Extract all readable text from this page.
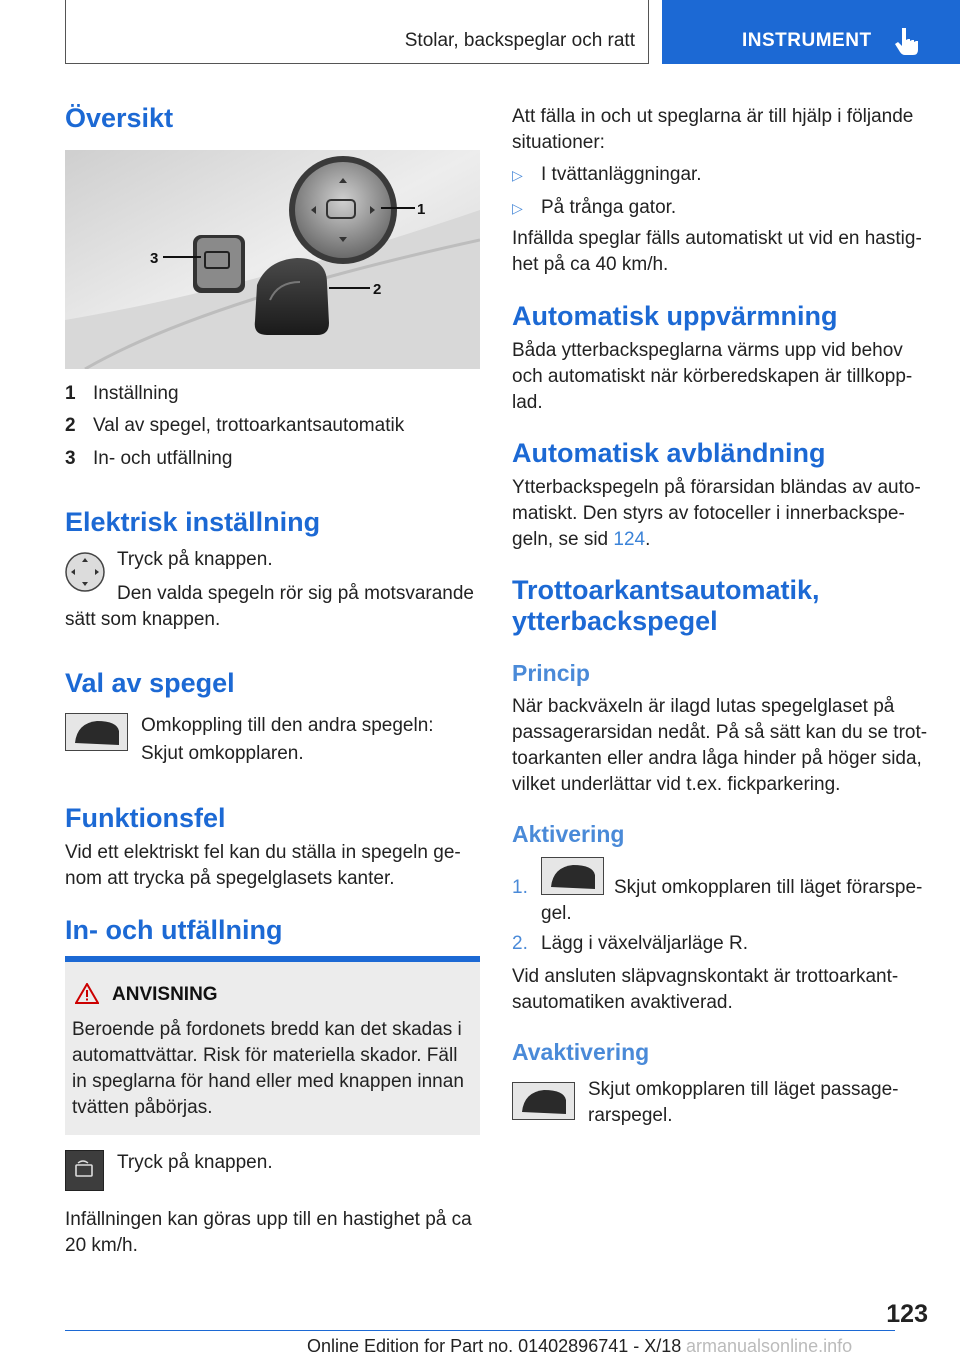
Stolar, backspeglar och ratt	INSTRUMENT
Översikt
1
2
3
1 Inställning
2 Val av spegel, trottoarkantsautomatik
3 In- och utfällning
Elektrisk inställning
Tryck på knappen.
Den valda spegeln rör sig på motsvarande sätt som knappen.
Val av spegel
Omkoppling till den andra spegeln:
Skjut omkopplaren.
Funktionsfel
Vid ett elektriskt fel kan du ställa in spegeln ge-nom att trycka på spegelglasets kanter.
In- och utfällning
ANVISNING
Beroende på fordonets bredd kan det skadas i automattvättar. Risk för materiella skador. Fäll in speglarna för hand eller med knappen innan tvätten påbörjas.
Tryck på knappen.
Infällningen kan göras upp till en hastighet på ca 20 km/h.
Att fälla in och ut speglarna är till hjälp i följande situationer:
▷ I tvättanläggningar.
▷ På trånga gator.
Infällda speglar fälls automatiskt ut vid en hastig-het på ca 40 km/h.
Automatisk uppvärmning
Båda ytterbackspeglarna värms upp vid behov och automatiskt när körberedskapen är tillkopp-lad.
Automatisk avbländning
Ytterbackspegeln på förarsidan bländas av auto-matiskt. Den styrs av fotoceller i innerbackspe-geln, se sid 124.
Trottoarkantsautomatik,
ytterbackspegel
Princip
När backväxeln är ilagd lutas spegelglaset på passagerarsidan nedåt. På så sätt kan du se trot-toarkanten eller andra låga hinder på höger sida, vilket underlättar vid t.ex. fickparkering.
Aktivering
1.	Skjut omkopplaren till läget förarspe-gel.
2. Lägg i växelväljarläge R.
Vid ansluten släpvagnskontakt är trottoarkant-sautomatiken avaktiverad.
Avaktivering
Skjut omkopplaren till läget passage-rarspegel.
123
Online Edition for Part no. 01402896741 - X/18 armanualsonline.info
